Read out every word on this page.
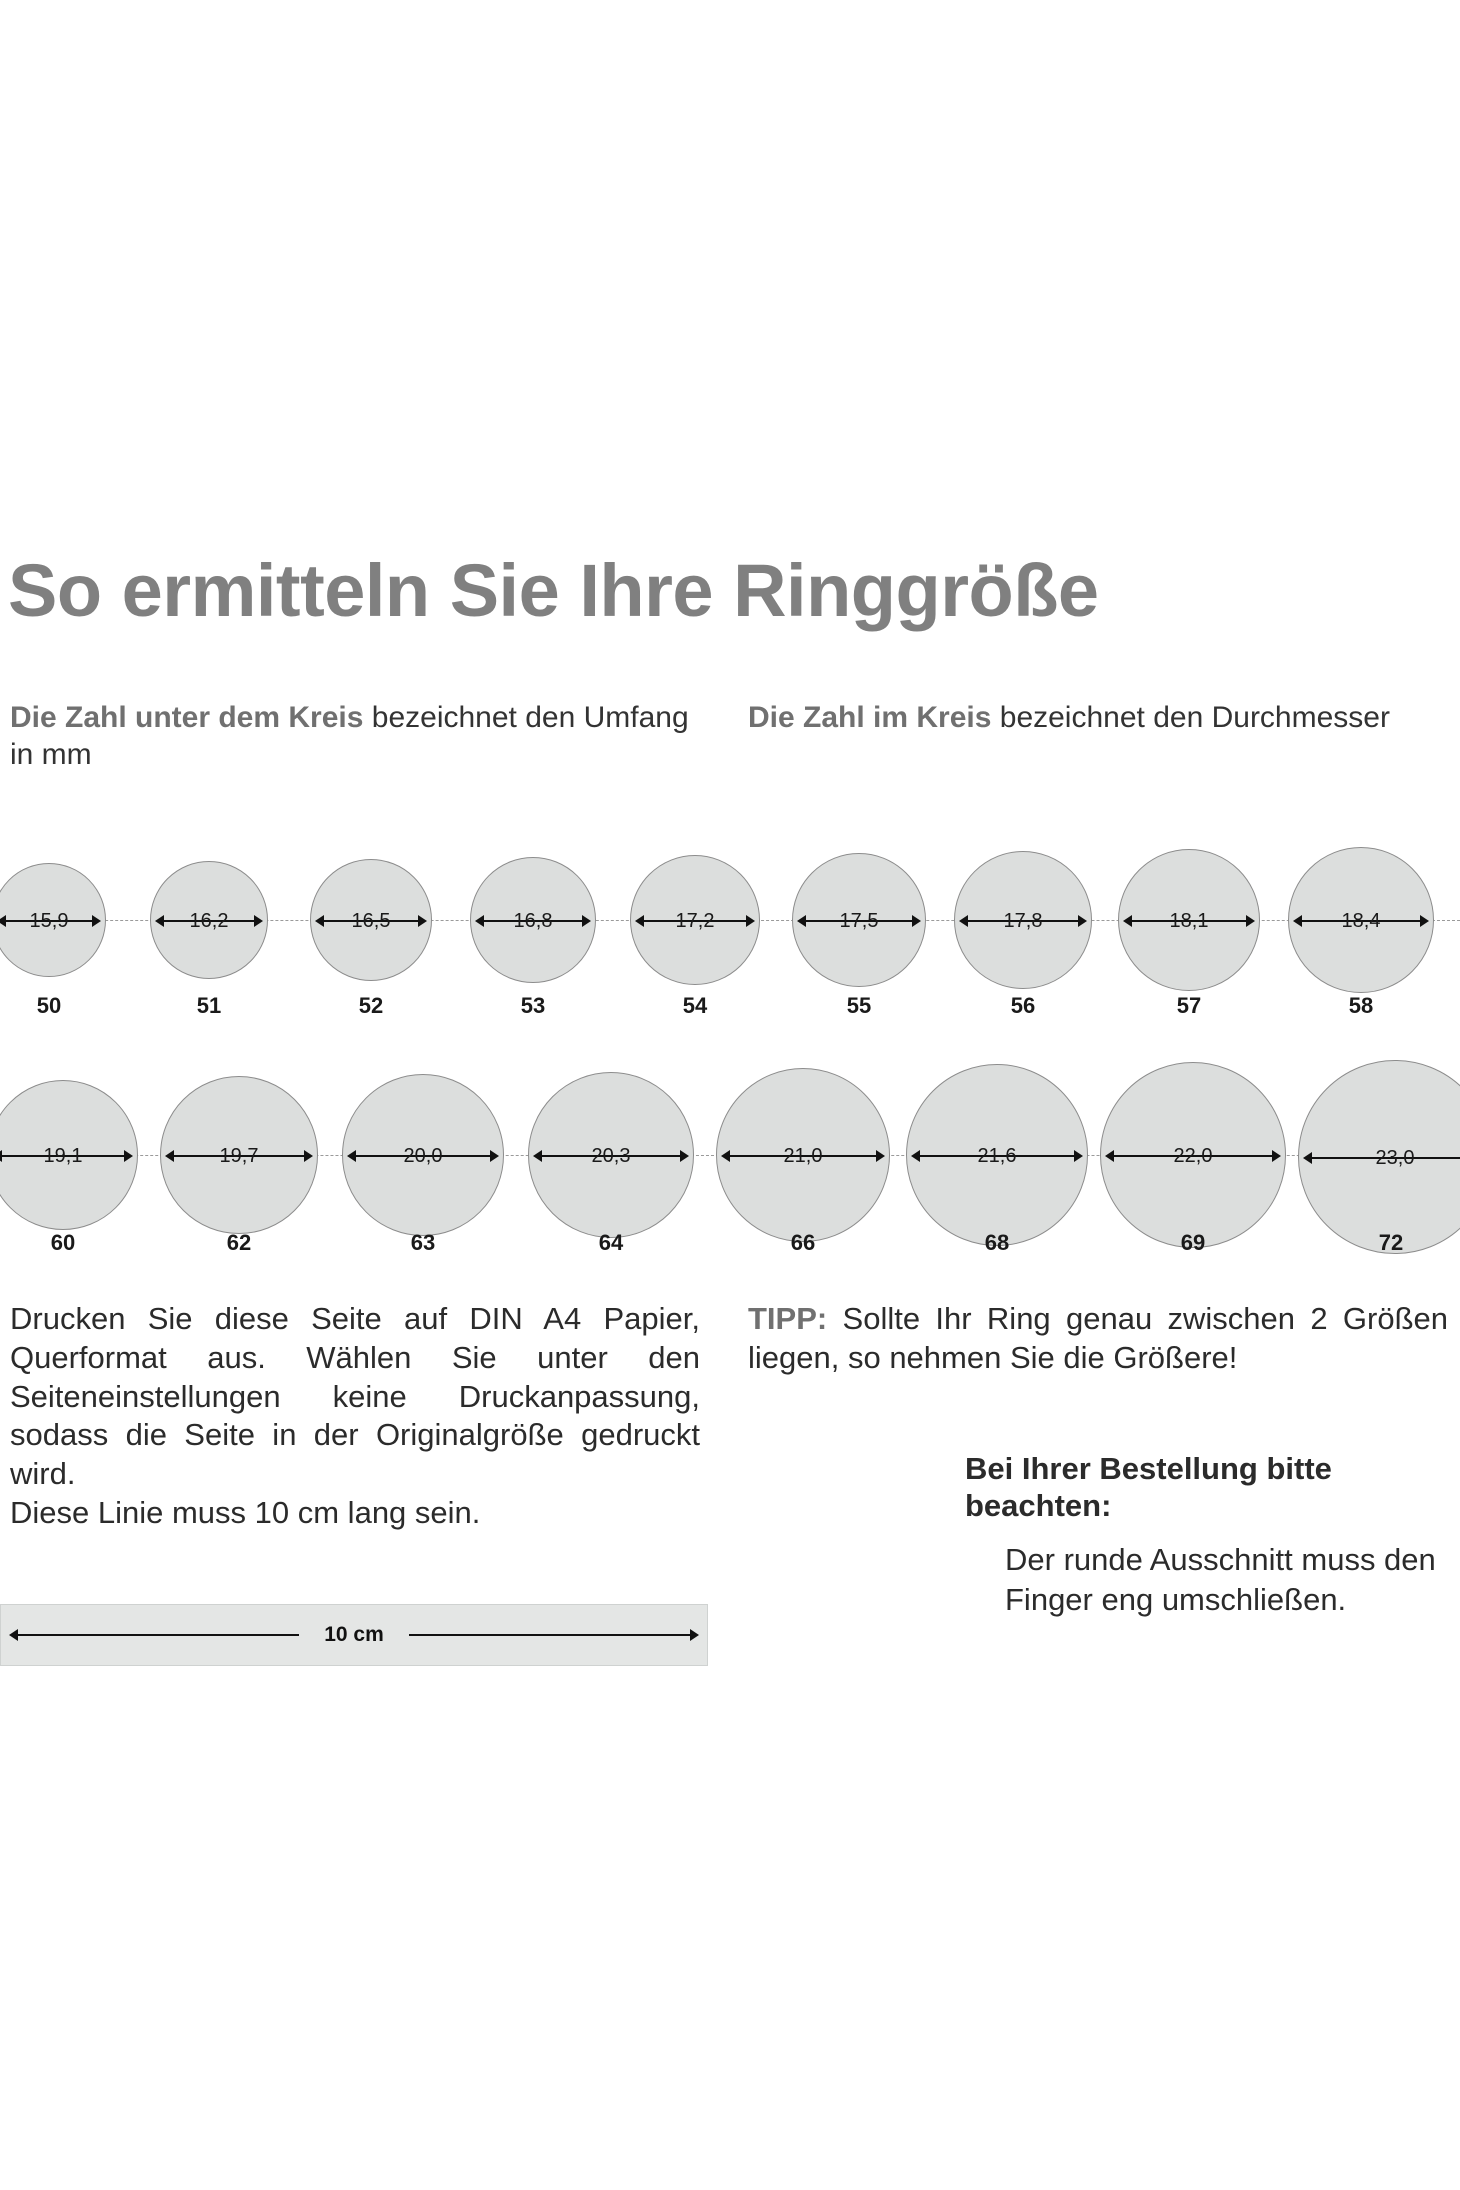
So ermitteln Sie Ihre Ringgröße
Die Zahl unter dem Kreis bezeichnet den Umfang in mm
Die Zahl im Kreis bezeichnet den Durchmesser
15,9
50
16,2
51
16,5
52
16,8
53
17,2
54
17,5
55
17,8
56
18,1
57
18,4
58
19,1
60
19,7
62
20,0
63
20,3
64
21,0
66
21,6
68
22,0
69
23,0
72
Drucken Sie diese Seite auf DIN A4 Papier, Querformat aus. Wählen Sie unter den Seiteneinstellungen keine Druckanpassung, sodass die Seite in der Originalgröße gedruckt wird.
Diese Linie muss 10 cm lang sein.
10 cm
TIPP: Sollte Ihr Ring genau zwischen 2 Größen liegen, so nehmen Sie die Größere!
Bei Ihrer Bestellung bitte beachten:
Der runde Ausschnitt muss den Finger eng umschließen.
